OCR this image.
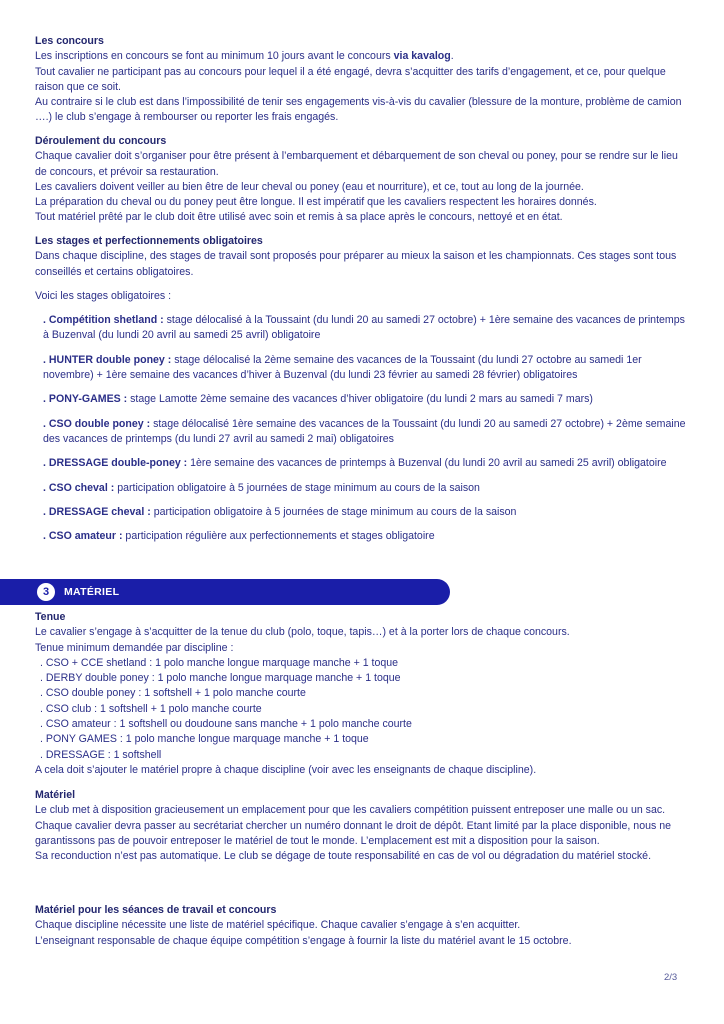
Les concours

Les inscriptions en concours se font au minimum 10 jours avant le concours via kavalog.

Tout cavalier ne participant pas au concours pour lequel il a été engagé, devra s’acquitter des tarifs d’engagement, et ce, pour quelque raison que ce soit.

Au contraire si le club est dans l’impossibilité de tenir ses engagements vis-à-vis du cavalier (blessure de la monture, problème de camion ….) le club s’engage à rembourser ou reporter les frais engagés.

Déroulement du concours

Chaque cavalier doit s’organiser pour être présent à l’embarquement et débarquement de son cheval ou poney, pour se rendre sur le lieu de concours, et prévoir sa restauration.

Les cavaliers doivent veiller au bien être de leur cheval ou poney (eau et nourriture), et ce, tout au long de la journée.

La préparation du cheval ou du poney peut être longue. Il est impératif que les cavaliers respectent les horaires donnés.

Tout matériel prêté par le club doit être utilisé avec soin et remis à sa place après le concours, nettoyé et en état.

Les stages et perfectionnements obligatoires

Dans chaque discipline, des stages de travail sont proposés pour préparer au mieux la saison et les championnats. Ces stages sont tous conseillés et certains obligatoires.

Voici les stages obligatoires :

. Compétition shetland : stage délocalisé à la Toussaint (du lundi 20 au samedi 27 octobre) + 1ère semaine des vacances de printemps à Buzenval (du lundi 20 avril au samedi 25 avril) obligatoire

. HUNTER double poney : stage délocalisé la 2ème semaine des vacances de la Toussaint (du lundi 27 octobre au samedi 1er novembre) + 1ère semaine des vacances d’hiver à Buzenval (du lundi 23 février au samedi 28 février) obligatoires

. PONY-GAMES : stage Lamotte 2ème semaine des vacances d’hiver obligatoire (du lundi 2 mars au samedi 7 mars)

. CSO double poney : stage délocalisé 1ère semaine des vacances de la Toussaint (du lundi 20 au samedi 27 octobre) + 2ème semaine des vacances de printemps (du lundi 27 avril au samedi 2 mai) obligatoires

. DRESSAGE double-poney : 1ère semaine des vacances de printemps à Buzenval (du lundi 20 avril au samedi 25 avril) obligatoire

. CSO cheval : participation obligatoire à 5 journées de stage minimum au cours de la saison

. DRESSAGE cheval : participation obligatoire à 5 journées de stage minimum au cours de la saison

. CSO amateur : participation régulière aux perfectionnements et stages obligatoire

3	MATÉRIEL
Tenue

Le cavalier s’engage à s’acquitter de la tenue du club (polo, toque, tapis…) et à la porter lors de chaque concours.

Tenue minimum demandée par discipline :

. CSO + CCE shetland : 1 polo manche longue marquage manche + 1 toque

. DERBY double poney : 1 polo manche longue marquage manche + 1 toque

. CSO double poney : 1 softshell + 1 polo manche courte

. CSO club : 1 softshell + 1 polo manche courte

. CSO amateur : 1 softshell ou doudoune sans manche + 1 polo manche courte

. PONY GAMES : 1 polo manche longue marquage manche + 1 toque

. DRESSAGE : 1 softshell

A cela doit s’ajouter le matériel propre à chaque discipline (voir avec les enseignants de chaque discipline).

Matériel

Le club met à disposition gracieusement un emplacement pour que les cavaliers compétition puissent entreposer une malle ou un sac. Chaque cavalier devra passer au secrétariat chercher un numéro donnant le droit de dépôt. Etant limité par la place disponible, nous ne garantissons pas de pouvoir entreposer le matériel de tout le monde. L’emplacement est mit a disposition pour la saison.

Sa reconduction n’est pas automatique. Le club se dégage de toute responsabilité en cas de vol ou dégradation du matériel stocké.

Matériel pour les séances de travail et concours

Chaque discipline nécessite une liste de matériel spécifique. Chaque cavalier s’engage à s’en acquitter.

L’enseignant responsable de chaque équipe compétition s’engage à fournir la liste du matériel avant le 15 octobre.

2/3
